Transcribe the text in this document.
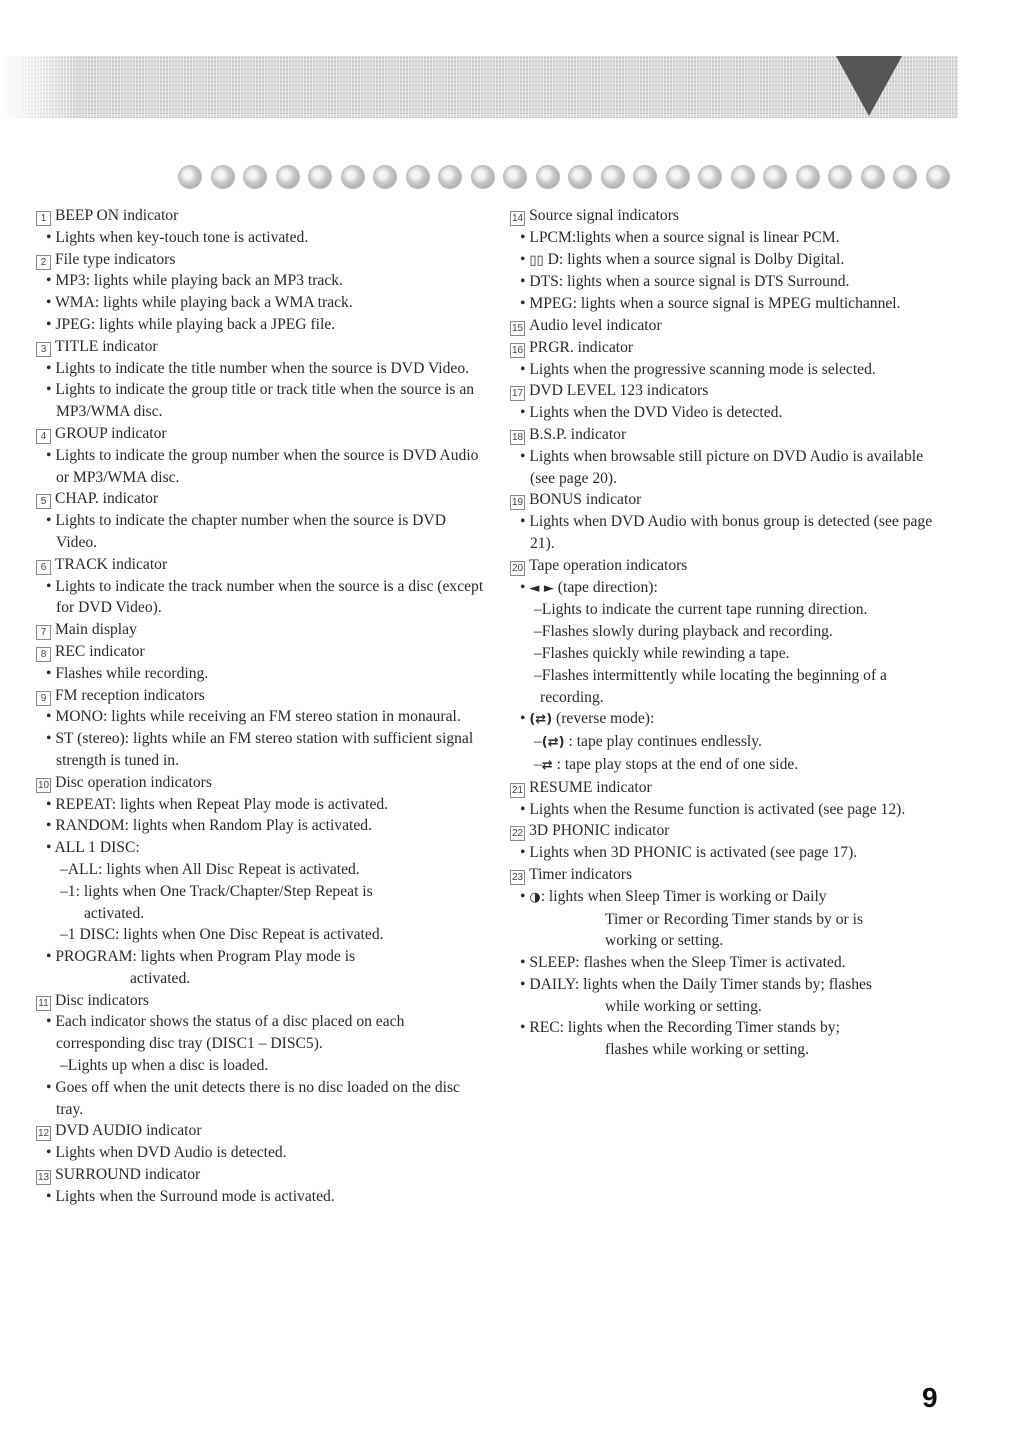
1 BEEP ON indicator
• Lights when key-touch tone is activated.
2 File type indicators
• MP3: lights while playing back an MP3 track.
• WMA: lights while playing back a WMA track.
• JPEG: lights while playing back a JPEG file.
3 TITLE indicator
• Lights to indicate the title number when the source is DVD Video.
• Lights to indicate the group title or track title when the source is an MP3/WMA disc.
4 GROUP indicator
• Lights to indicate the group number when the source is DVD Audio or MP3/WMA disc.
5 CHAP. indicator
• Lights to indicate the chapter number when the source is DVD Video.
6 TRACK indicator
• Lights to indicate the track number when the source is a disc (except for DVD Video).
7 Main display
8 REC indicator
• Flashes while recording.
9 FM reception indicators
• MONO: lights while receiving an FM stereo station in monaural.
• ST (stereo): lights while an FM stereo station with sufficient signal strength is tuned in.
10 Disc operation indicators
• REPEAT: lights when Repeat Play mode is activated.
• RANDOM: lights when Random Play is activated.
• ALL 1 DISC:
– ALL: lights when All Disc Repeat is activated.
– 1: lights when One Track/Chapter/Step Repeat is
activated.
– 1 DISC: lights when One Disc Repeat is activated.
• PROGRAM: lights when Program Play mode is
activated.
11 Disc indicators
• Each indicator shows the status of a disc placed on each corresponding disc tray (DISC1 – DISC5).
– Lights up when a disc is loaded.
• Goes off when the unit detects there is no disc loaded on the disc tray.
12 DVD AUDIO indicator
• Lights when DVD Audio is detected.
13 SURROUND indicator
• Lights when the Surround mode is activated.
14 Source signal indicators
• LPCM:lights when a source signal is linear PCM.
• ▯▯ D: lights when a source signal is Dolby Digital.
• DTS: lights when a source signal is DTS Surround.
• MPEG: lights when a source signal is MPEG multichannel.
15 Audio level indicator
16 PRGR. indicator
• Lights when the progressive scanning mode is selected.
17 DVD LEVEL 123 indicators
• Lights when the DVD Video is detected.
18 B.S.P. indicator
• Lights when browsable still picture on DVD Audio is available (see page 20).
19 BONUS indicator
• Lights when DVD Audio with bonus group is detected (see page 21).
20 Tape operation indicators
• ◄ ► (tape direction):
– Lights to indicate the current tape running direction.
– Flashes slowly during playback and recording.
– Flashes quickly while rewinding a tape.
– Flashes intermittently while locating the beginning of a recording.
• (⇄) (reverse mode):
– (⇄) : tape play continues endlessly.
– ⇄ : tape play stops at the end of one side.
21 RESUME indicator
• Lights when the Resume function is activated (see page 12).
22 3D PHONIC indicator
• Lights when 3D PHONIC is activated (see page 17).
23 Timer indicators
• ◑: lights when Sleep Timer is working or Daily
Timer or Recording Timer stands by or is
working or setting.
• SLEEP: flashes when the Sleep Timer is activated.
• DAILY: lights when the Daily Timer stands by; flashes
while working or setting.
• REC: lights when the Recording Timer stands by;
flashes while working or setting.
9
